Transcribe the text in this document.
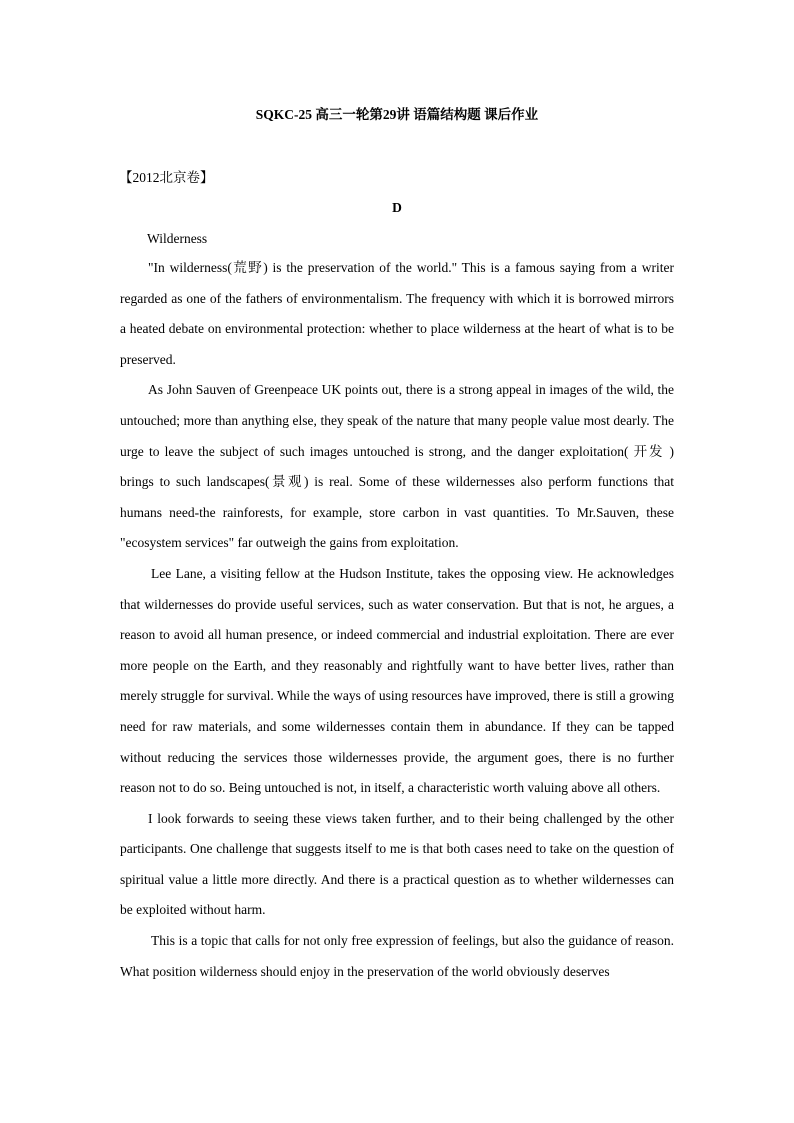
SQKC-25 高三一轮第29讲 语篇结构题 课后作业
【2012北京卷】
D
Wilderness

"In wilderness(荒野) is the preservation of the world." This is a famous saying from a writer regarded as one of the fathers of environmentalism. The frequency with which it is borrowed mirrors a heated debate on environmental protection: whether to place wilderness at the heart of what is to be preserved.

As John Sauven of Greenpeace UK points out, there is a strong appeal in images of the wild, the untouched; more than anything else, they speak of the nature that many people value most dearly. The urge to leave the subject of such images untouched is strong, and the danger exploitation( 开发 ) brings to such landscapes(景观) is real. Some of these wildernesses also perform functions that humans need-the rainforests, for example, store carbon in vast quantities. To Mr.Sauven, these "ecosystem services" far outweigh the gains from exploitation.

Lee Lane, a visiting fellow at the Hudson Institute, takes the opposing view. He acknowledges that wildernesses do provide useful services, such as water conservation. But that is not, he argues, a reason to avoid all human presence, or indeed commercial and industrial exploitation. There are ever more people on the Earth, and they reasonably and rightfully want to have better lives, rather than merely struggle for survival. While the ways of using resources have improved, there is still a growing need for raw materials, and some wildernesses contain them in abundance. If they can be tapped without reducing the services those wildernesses provide, the argument goes, there is no further reason not to do so. Being untouched is not, in itself, a characteristic worth valuing above all others.

I look forwards to seeing these views taken further, and to their being challenged by the other participants. One challenge that suggests itself to me is that both cases need to take on the question of spiritual value a little more directly. And there is a practical question as to whether wildernesses can be exploited without harm.

This is a topic that calls for not only free expression of feelings, but also the guidance of reason. What position wilderness should enjoy in the preservation of the world obviously deserves
